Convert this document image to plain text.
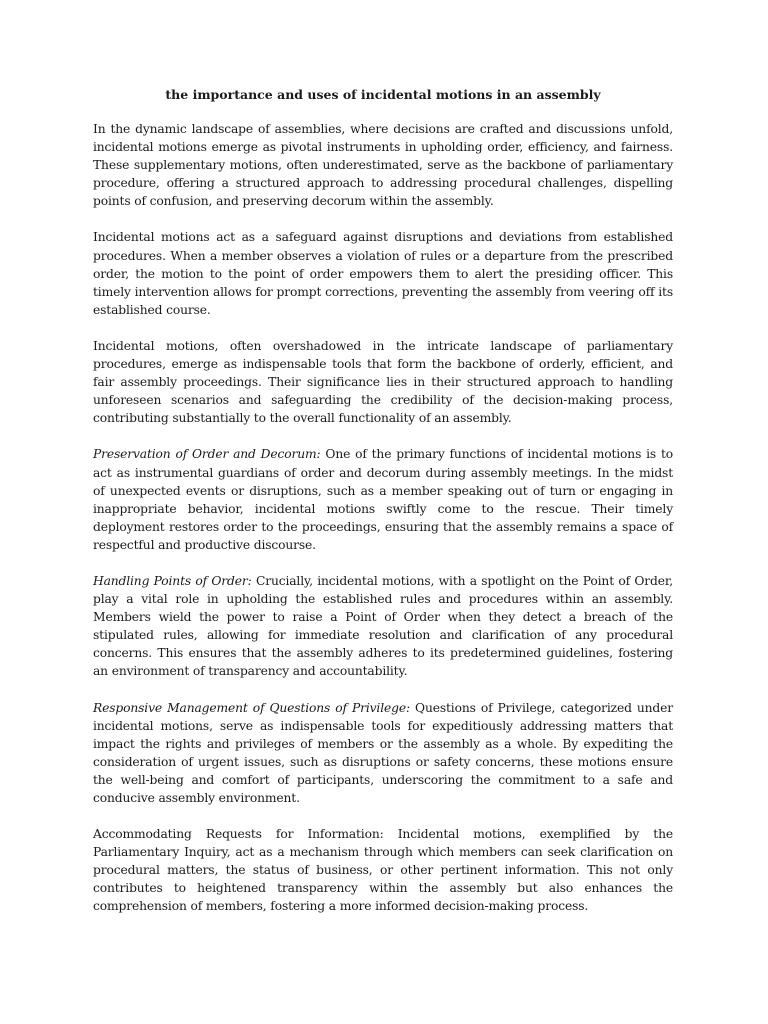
the importance and uses of incidental motions in an assembly

In the dynamic landscape of assemblies, where decisions are crafted and discussions unfold, incidental motions emerge as pivotal instruments in upholding order, efficiency, and fairness. These supplementary motions, often underestimated, serve as the backbone of parliamentary procedure, offering a structured approach to addressing procedural challenges, dispelling points of confusion, and preserving decorum within the assembly.

Incidental motions act as a safeguard against disruptions and deviations from established procedures. When a member observes a violation of rules or a departure from the prescribed order, the motion to the point of order empowers them to alert the presiding officer. This timely intervention allows for prompt corrections, preventing the assembly from veering off its established course.

Incidental motions, often overshadowed in the intricate landscape of parliamentary procedures, emerge as indispensable tools that form the backbone of orderly, efficient, and fair assembly proceedings. Their significance lies in their structured approach to handling unforeseen scenarios and safeguarding the credibility of the decision-making process, contributing substantially to the overall functionality of an assembly.

Preservation of Order and Decorum: One of the primary functions of incidental motions is to act as instrumental guardians of order and decorum during assembly meetings. In the midst of unexpected events or disruptions, such as a member speaking out of turn or engaging in inappropriate behavior, incidental motions swiftly come to the rescue. Their timely deployment restores order to the proceedings, ensuring that the assembly remains a space of respectful and productive discourse.

Handling Points of Order: Crucially, incidental motions, with a spotlight on the Point of Order, play a vital role in upholding the established rules and procedures within an assembly. Members wield the power to raise a Point of Order when they detect a breach of the stipulated rules, allowing for immediate resolution and clarification of any procedural concerns. This ensures that the assembly adheres to its predetermined guidelines, fostering an environment of transparency and accountability.

Responsive Management of Questions of Privilege: Questions of Privilege, categorized under incidental motions, serve as indispensable tools for expeditiously addressing matters that impact the rights and privileges of members or the assembly as a whole. By expediting the consideration of urgent issues, such as disruptions or safety concerns, these motions ensure the well-being and comfort of participants, underscoring the commitment to a safe and conducive assembly environment.

Accommodating Requests for Information: Incidental motions, exemplified by the Parliamentary Inquiry, act as a mechanism through which members can seek clarification on procedural matters, the status of business, or other pertinent information. This not only contributes to heightened transparency within the assembly but also enhances the comprehension of members, fostering a more informed decision-making process.
